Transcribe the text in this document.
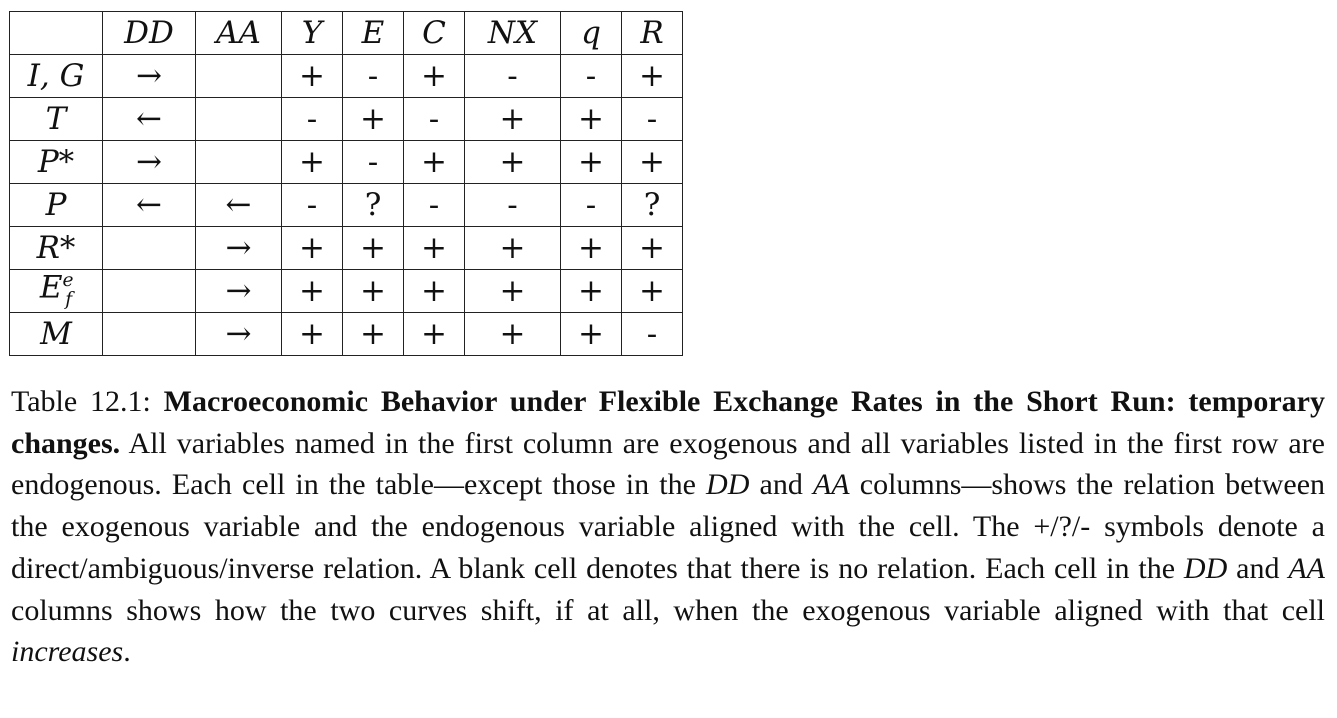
	DD	AA	Y	E	C	NX	q	R
I, G	→		+	-	+	-	-	+
T	←		-	+	-	+	+	-
P*	→		+	-	+	+	+	+
P	←	←	-	?	-	-	-	?
R*		→	+	+	+	+	+	+
$E^e_f$		→	+	+	+	+	+	+
M		→	+	+	+	+	+	-

Table 12.1: Macroeconomic Behavior under Flexible Exchange Rates in the Short Run: temporary changes. All variables named in the first column are exogenous and all variables listed in the first row are endogenous. Each cell in the table—except those in the DD and AA columns—shows the relation between the exogenous variable and the endogenous variable aligned with the cell. The +/?/- symbols denote a direct/ambiguous/inverse relation. A blank cell denotes that there is no relation. Each cell in the DD and AA columns shows how the two curves shift, if at all, when the exogenous variable aligned with that cell increases.
